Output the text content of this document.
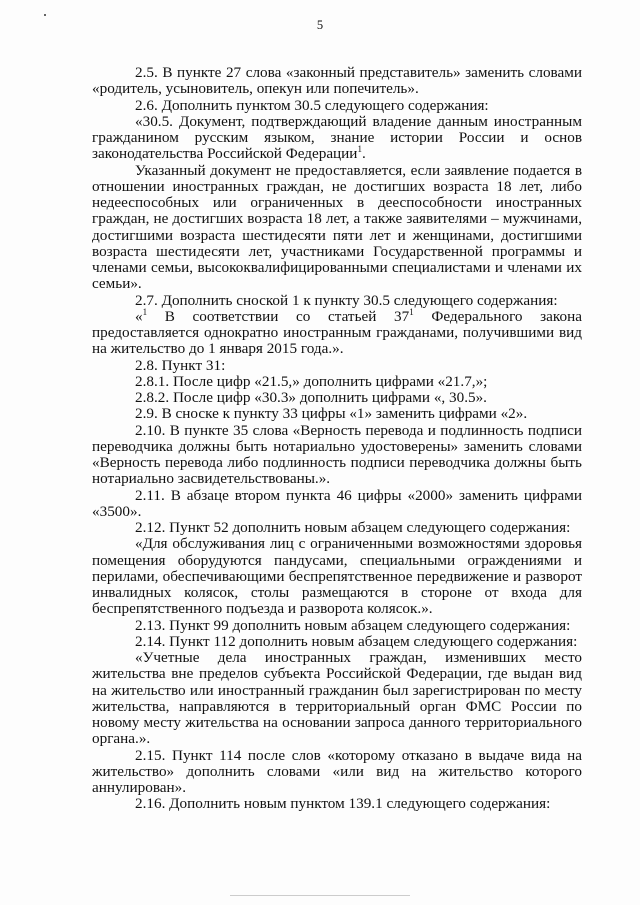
5

2.5. В пункте 27 слова «законный представитель» заменить словами «родитель, усыновитель, опекун или попечитель».

2.6. Дополнить пунктом 30.5 следующего содержания:

«30.5. Документ, подтверждающий владение данным иностранным гражданином русским языком, знание истории России и основ законодательства Российской Федерации$^1$.

Указанный документ не предоставляется, если заявление подается в отношении иностранных граждан, не достигших возраста 18 лет, либо недееспособных или ограниченных в дееспособности иностранных граждан, не достигших возраста 18 лет, а также заявителями – мужчинами, достигшими возраста шестидесяти пяти лет и женщинами, достигшими возраста шестидесяти лет, участниками Государственной программы и членами семьи, высококвалифицированными специалистами и членами их семьи».

2.7. Дополнить сноской 1 к пункту 30.5 следующего содержания:

«$^1$ В соответствии со статьей $37^1$ Федерального закона предоставляется однократно иностранным гражданами, получившими вид на жительство до 1 января 2015 года.».

2.8. Пункт 31:

2.8.1. После цифр «21.5,» дополнить цифрами «21.7,»;

2.8.2. После цифр «30.3» дополнить цифрами «, 30.5».

2.9. В сноске к пункту 33 цифры «1» заменить цифрами «2».

2.10. В пункте 35 слова «Верность перевода и подлинность подписи переводчика должны быть нотариально удостоверены» заменить словами «Верность перевода либо подлинность подписи переводчика должны быть нотариально засвидетельствованы.».

2.11. В абзаце втором пункта 46 цифры «2000» заменить цифрами «3500».

2.12. Пункт 52 дополнить новым абзацем следующего содержания:

«Для обслуживания лиц с ограниченными возможностями здоровья помещения оборудуются пандусами, специальными ограждениями и перилами, обеспечивающими беспрепятственное передвижение и разворот инвалидных колясок, столы размещаются в стороне от входа для беспрепятственного подъезда и разворота колясок.».

2.13. Пункт 99 дополнить новым абзацем следующего содержания:

2.14. Пункт 112 дополнить новым абзацем следующего содержания:

«Учетные дела иностранных граждан, изменивших место жительства вне пределов субъекта Российской Федерации, где выдан вид на жительство или иностранный гражданин был зарегистрирован по месту жительства, направляются в территориальный орган ФМС России по новому месту жительства на основании запроса данного территориального органа.».

2.15. Пункт 114 после слов «которому отказано в выдаче вида на жительство» дополнить словами «или вид на жительство которого аннулирован».

2.16. Дополнить новым пунктом 139.1 следующего содержания:
